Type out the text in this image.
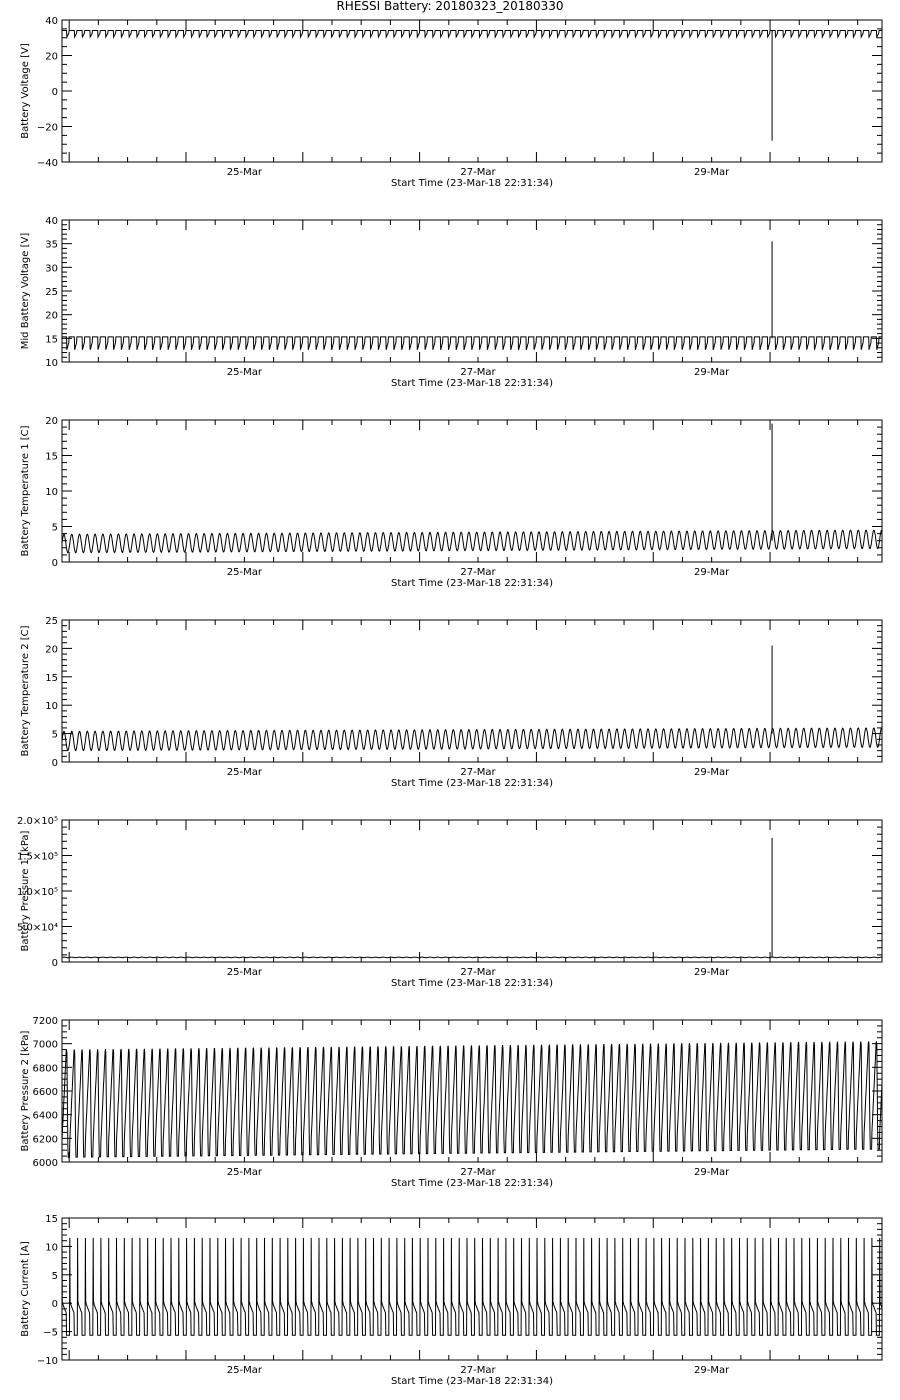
RHESSI Battery: 20180323_20180330
−40
−20
0
20
40
Battery Voltage [V]
25-Mar	27-Mar	29-Mar
Start Time (23-Mar-18 22:31:34)
10
15
20
25
30
35
40
Mid Battery Voltage [V]
25-Mar	27-Mar	29-Mar
Start Time (23-Mar-18 22:31:34)
0
5
10
15
20
Battery Temperature 1 [C]
25-Mar	27-Mar	29-Mar
Start Time (23-Mar-18 22:31:34)
0
5
10
15
20
25
Battery Temperature 2 [C]
25-Mar	27-Mar	29-Mar
Start Time (23-Mar-18 22:31:34)
0
5.0×10⁴
1.0×10⁵
1.5×10⁵
2.0×10⁵
Battery Pressure 1 [kPa]
25-Mar	27-Mar	29-Mar
Start Time (23-Mar-18 22:31:34)
6000
6200
6400
6600
6800
7000
7200
Battery Pressure 2 [kPa]
25-Mar	27-Mar	29-Mar
Start Time (23-Mar-18 22:31:34)
−10
−5
0
5
10
15
Battery Current [A]
25-Mar	27-Mar	29-Mar
Start Time (23-Mar-18 22:31:34)
